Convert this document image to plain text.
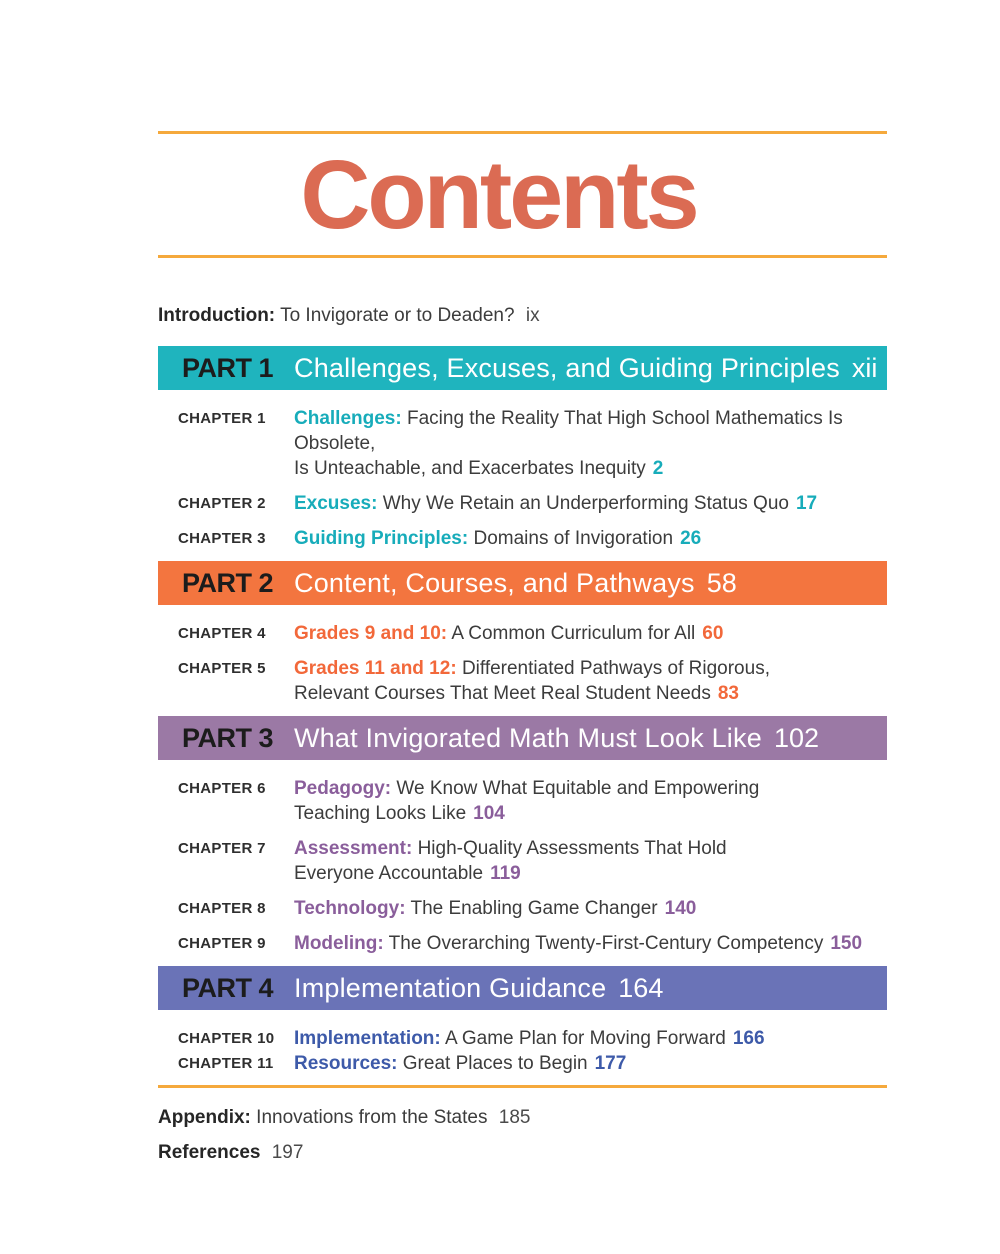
Contents
Introduction: To Invigorate or to Deaden? ix
PART 1 Challenges, Excuses, and Guiding Principles xii
CHAPTER 1	Challenges: Facing the Reality That High School Mathematics Is Obsolete,
Is Unteachable, and Exacerbates Inequity 2
CHAPTER 2	Excuses: Why We Retain an Underperforming Status Quo 17
CHAPTER 3	Guiding Principles: Domains of Invigoration 26
PART 2 Content, Courses, and Pathways 58
CHAPTER 4	Grades 9 and 10: A Common Curriculum for All 60
CHAPTER 5	Grades 11 and 12: Differentiated Pathways of Rigorous,
Relevant Courses That Meet Real Student Needs 83
PART 3 What Invigorated Math Must Look Like 102
CHAPTER 6	Pedagogy: We Know What Equitable and Empowering
Teaching Looks Like 104
CHAPTER 7	Assessment: High-Quality Assessments That Hold
Everyone Accountable 119
CHAPTER 8	Technology: The Enabling Game Changer 140
CHAPTER 9	Modeling: The Overarching Twenty-First-Century Competency 150
PART 4 Implementation Guidance 164
CHAPTER 10	Implementation: A Game Plan for Moving Forward 166
CHAPTER 11	Resources: Great Places to Begin 177
Appendix: Innovations from the States 185
References 197
